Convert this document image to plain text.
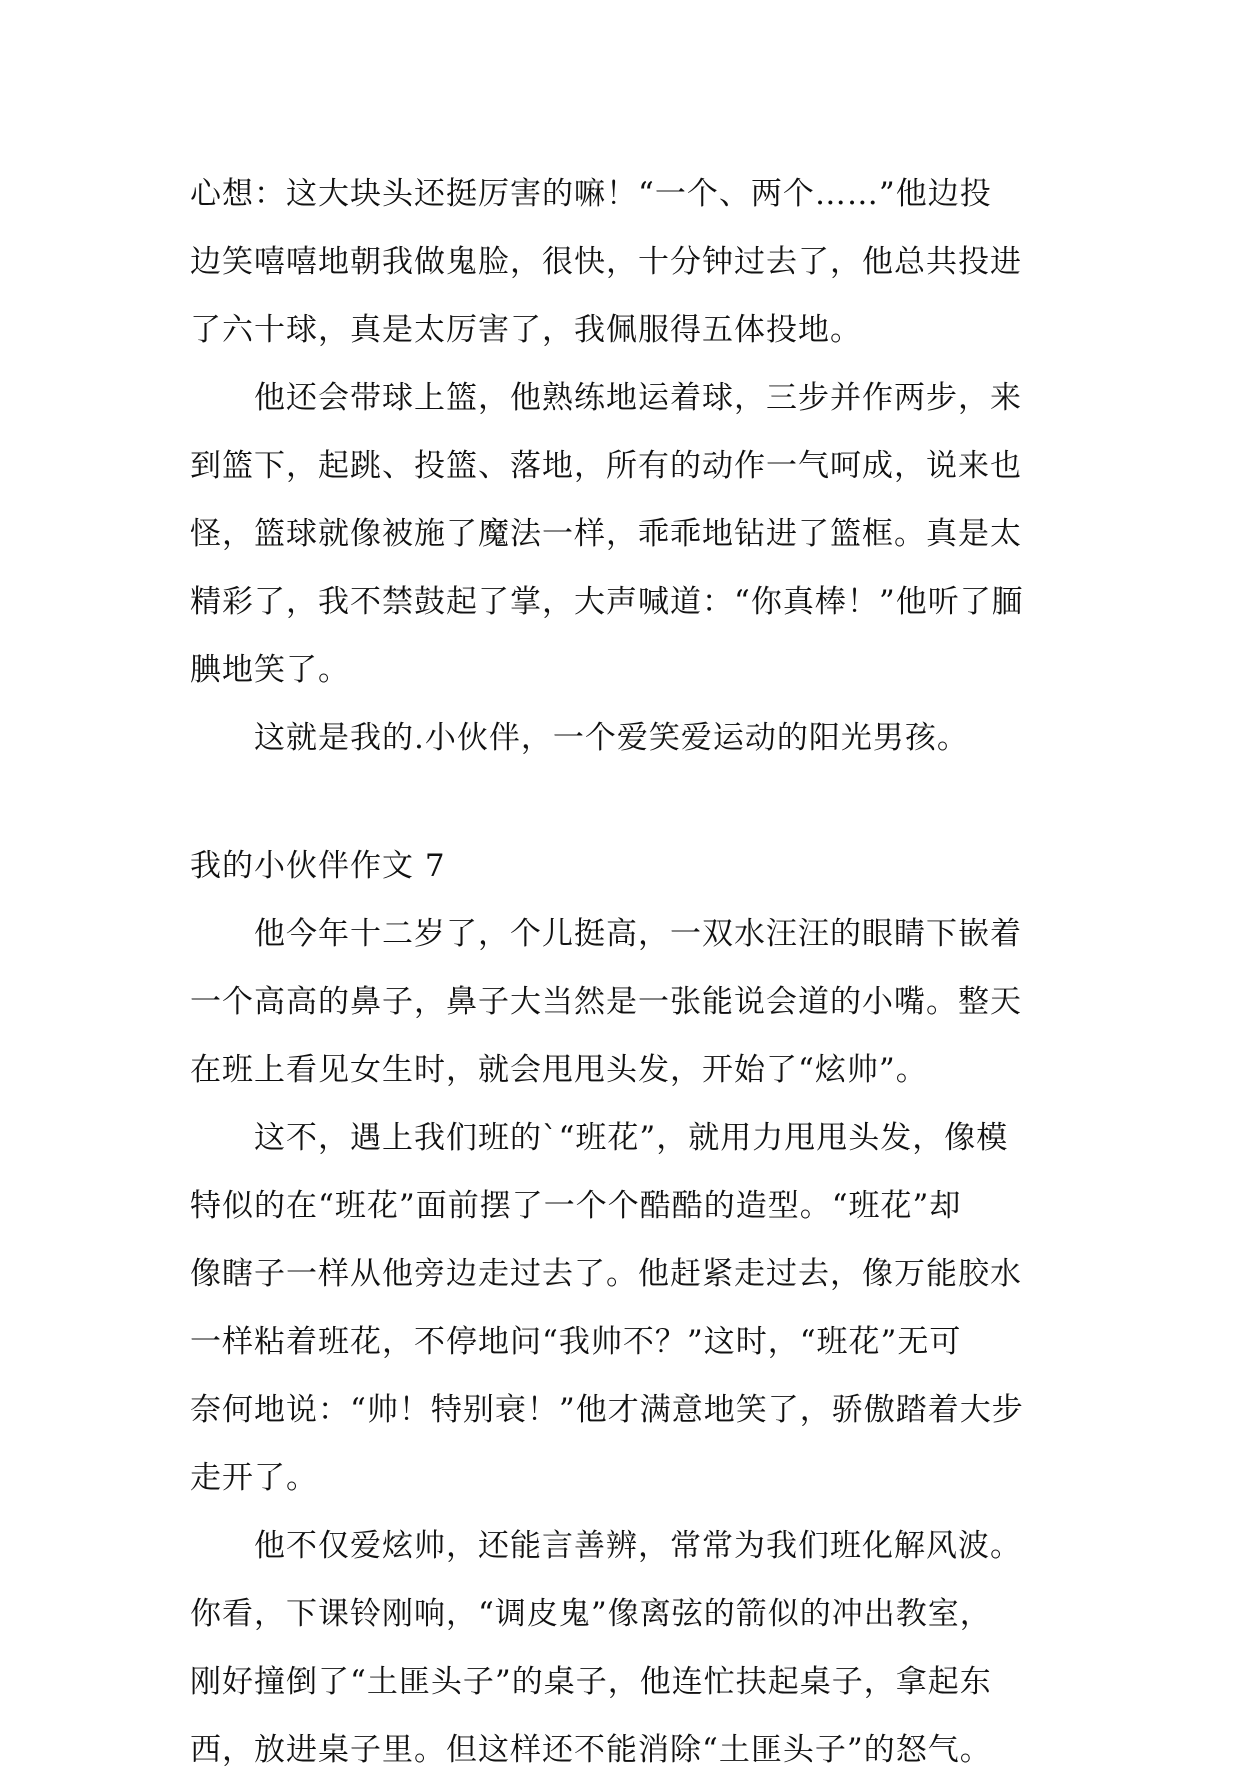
心想：这大块头还挺厉害的嘛！“一个、两个……”他边投
边笑嘻嘻地朝我做鬼脸，很快，十分钟过去了，他总共投进
了六十球，真是太厉害了，我佩服得五体投地。
他还会带球上篮，他熟练地运着球，三步并作两步，来
到篮下，起跳、投篮、落地，所有的动作一气呵成，说来也
怪，篮球就像被施了魔法一样，乖乖地钻进了篮框。真是太
精彩了，我不禁鼓起了掌，大声喊道：“你真棒！”他听了腼
腆地笑了。
这就是我的.小伙伴，一个爱笑爱运动的阳光男孩。
我的小伙伴作文 7
他今年十二岁了，个儿挺高，一双水汪汪的眼睛下嵌着
一个高高的鼻子，鼻子大当然是一张能说会道的小嘴。整天
在班上看见女生时，就会甩甩头发，开始了“炫帅”。
这不，遇上我们班的`“班花”，就用力甩甩头发，像模
特似的在“班花”面前摆了一个个酷酷的造型。“班花”却
像瞎子一样从他旁边走过去了。他赶紧走过去，像万能胶水
一样粘着班花，不停地问“我帅不？”这时，“班花”无可
奈何地说：“帅！特别衰！”他才满意地笑了，骄傲踏着大步
走开了。
他不仅爱炫帅，还能言善辨，常常为我们班化解风波。
你看，下课铃刚响，“调皮鬼”像离弦的箭似的冲出教室，
刚好撞倒了“土匪头子”的桌子，他连忙扶起桌子，拿起东
西，放进桌子里。但这样还不能消除“土匪头子”的怒气。
